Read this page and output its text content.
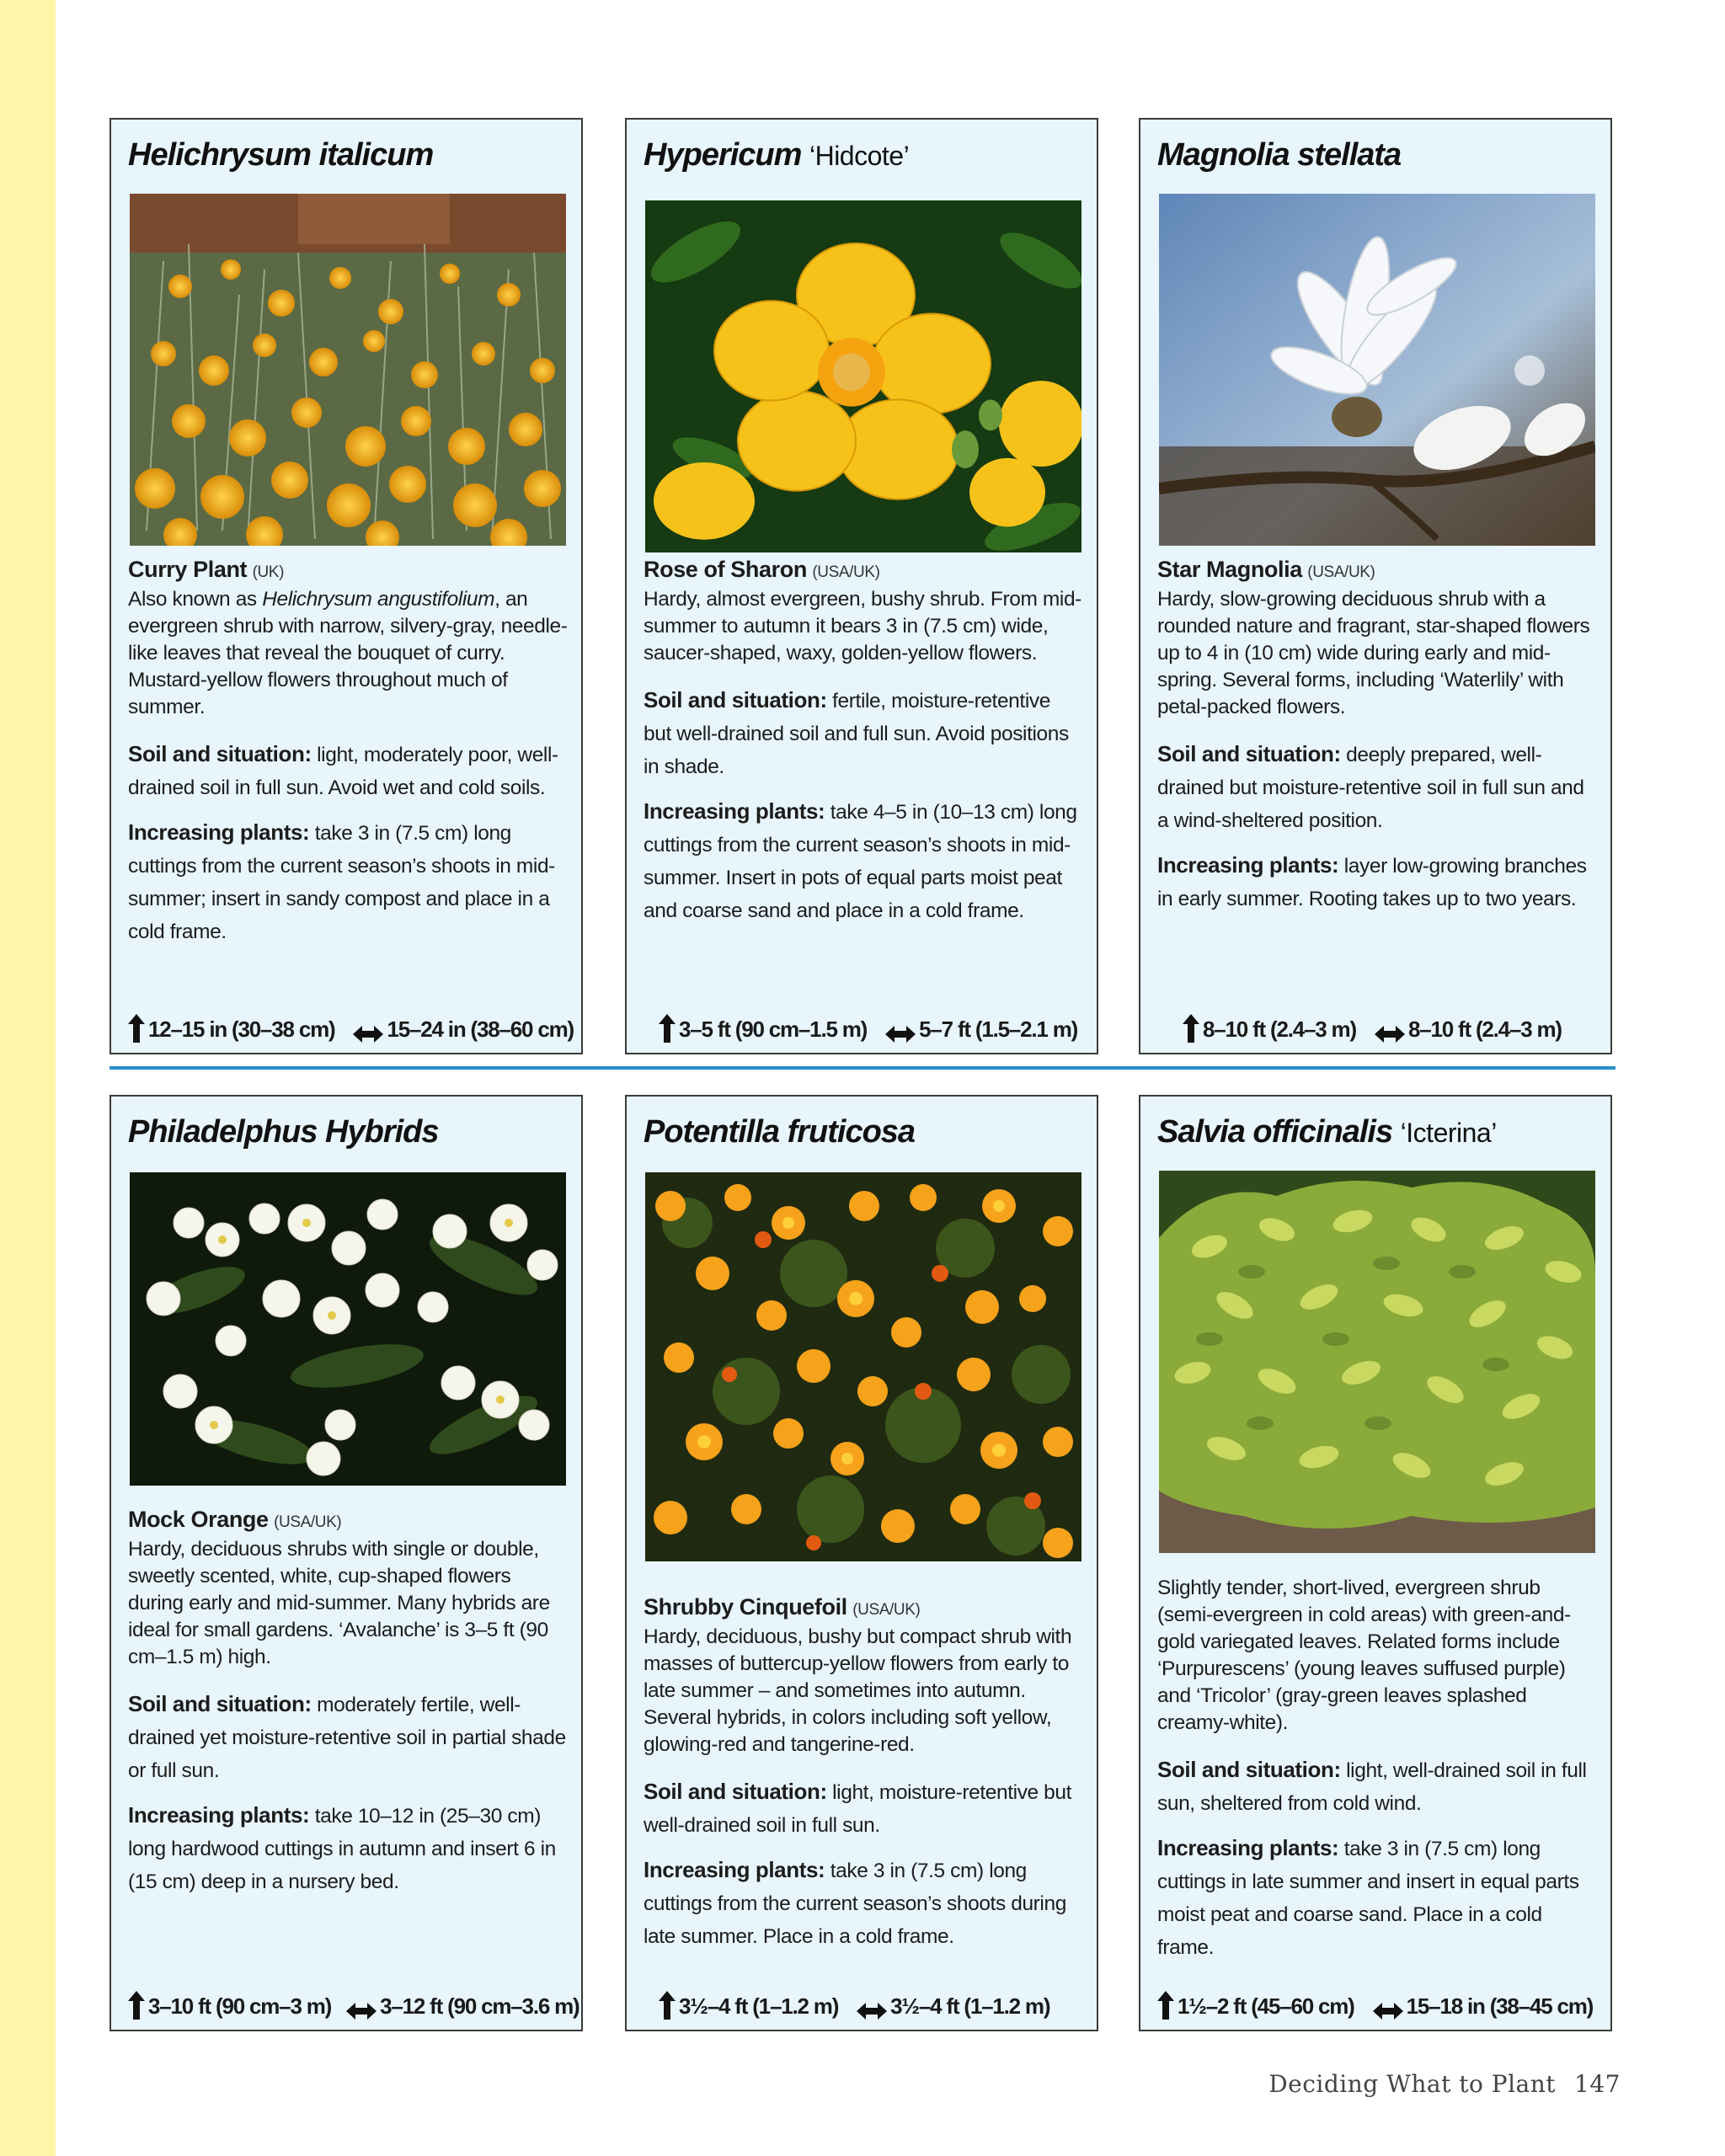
Helichrysum italicum

Curry Plant (UK)
Also known as Helichrysum angustifolium, an evergreen shrub with narrow, silvery-gray, needle-like leaves that reveal the bouquet of curry. Mustard-yellow flowers throughout much of summer.

Soil and situation: light, moderately poor, well-drained soil in full sun. Avoid wet and cold soils.

Increasing plants: take 3 in (7.5 cm) long cuttings from the current season’s shoots in mid-summer; insert in sandy compost and place in a cold frame.

12–15 in (30–38 cm) 15–24 in (38–60 cm)
Hypericum ‘Hidcote’

Rose of Sharon (USA/UK)
Hardy, almost evergreen, bushy shrub. From mid-summer to autumn it bears 3 in (7.5 cm) wide, saucer-shaped, waxy, golden-yellow flowers.

Soil and situation: fertile, moisture-retentive but well-drained soil and full sun. Avoid positions in shade.

Increasing plants: take 4–5 in (10–13 cm) long cuttings from the current season’s shoots in mid-summer. Insert in pots of equal parts moist peat and coarse sand and place in a cold frame.

3–5 ft (90 cm–1.5 m) 5–7 ft (1.5–2.1 m)
Magnolia stellata

Star Magnolia (USA/UK)
Hardy, slow-growing deciduous shrub with a rounded nature and fragrant, star-shaped flowers up to 4 in (10 cm) wide during early and mid-spring. Several forms, including ‘Waterlily’ with petal-packed flowers.

Soil and situation: deeply prepared, well-drained but moisture-retentive soil in full sun and a wind-sheltered position.

Increasing plants: layer low-growing branches in early summer. Rooting takes up to two years.

8–10 ft (2.4–3 m) 8–10 ft (2.4–3 m)
Philadelphus Hybrids

Mock Orange (USA/UK)
Hardy, deciduous shrubs with single or double, sweetly scented, white, cup-shaped flowers during early and mid-summer. Many hybrids are ideal for small gardens. ‘Avalanche’ is 3–5 ft (90 cm–1.5 m) high.

Soil and situation: moderately fertile, well-drained yet moisture-retentive soil in partial shade or full sun.

Increasing plants: take 10–12 in (25–30 cm) long hardwood cuttings in autumn and insert 6 in (15 cm) deep in a nursery bed.

3–10 ft (90 cm–3 m) 3–12 ft (90 cm–3.6 m)
Potentilla fruticosa

Shrubby Cinquefoil (USA/UK)
Hardy, deciduous, bushy but compact shrub with masses of buttercup-yellow flowers from early to late summer – and sometimes into autumn. Several hybrids, in colors including soft yellow, glowing-red and tangerine-red.

Soil and situation: light, moisture-retentive but well-drained soil in full sun.

Increasing plants: take 3 in (7.5 cm) long cuttings from the current season’s shoots during late summer. Place in a cold frame.

3½–4 ft (1–1.2 m) 3½–4 ft (1–1.2 m)
Salvia officinalis ‘Icterina’

Slightly tender, short-lived, evergreen shrub (semi-evergreen in cold areas) with green-and-gold variegated leaves. Related forms include ‘Purpurescens’ (young leaves suffused purple) and ‘Tricolor’ (gray-green leaves splashed creamy-white).

Soil and situation: light, well-drained soil in full sun, sheltered from cold wind.

Increasing plants: take 3 in (7.5 cm) long cuttings in late summer and insert in equal parts moist peat and coarse sand. Place in a cold frame.

1½–2 ft (45–60 cm) 15–18 in (38–45 cm)
Deciding What to Plant 147
